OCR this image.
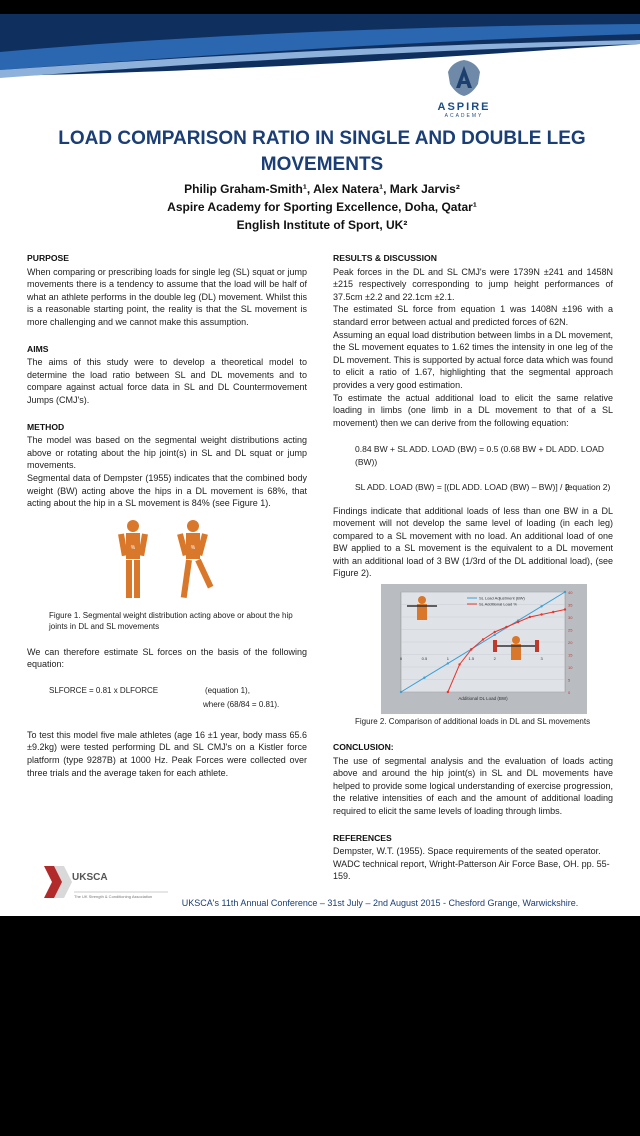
ASPIRE
ACADEMY
LOAD COMPARISON RATIO IN SINGLE AND DOUBLE LEG MOVEMENTS
Philip Graham-Smith¹, Alex Natera¹, Mark Jarvis²
Aspire Academy for Sporting Excellence, Doha, Qatar¹
English Institute of Sport, UK²
PURPOSE

When comparing or prescribing loads for single leg (SL) squat or jump movements there is a tendency to assume that the load will be half of what an athlete performs in the double leg (DL) movement. Whilst this is a reasonable starting point, the reality is that the SL movement is more challenging and we cannot make this assumption.

AIMS

The aims of this study were to develop a theoretical model to determine the load ratio between SL and DL movements and to compare against actual force data in SL and DL Countermovement Jumps (CMJ's).

METHOD

The model was based on the segmental weight distributions acting above or rotating about the hip joint(s) in SL and DL squat or jump movements.

Segmental data of Dempster (1955) indicates that the combined body weight (BW) acting above the hips in a DL movement is 68%, that acting about the hip in a SL movement is 84% (see Figure 1).

%	%
Figure 1. Segmental weight distribution acting above or about the hip joints in DL and SL movements

We can therefore estimate SL forces on the basis of the following equation:

SLFORCE = 0.81 x DLFORCE	(equation 1),
where (68/84 = 0.81).

To test this model five male athletes (age 16 ±1 year, body mass 65.6 ±9.2kg) were tested performing DL and SL CMJ's on a Kistler force platform (type 9287B) at 1000 Hz. Peak Forces were collected over three trials and the average taken for each athlete.

RESULTS & DISCUSSION

Peak forces in the DL and SL CMJ's were 1739N ±241 and 1458N ±215 respectively corresponding to jump height performances of 37.5cm ±2.2 and 22.1cm ±2.1.

The estimated SL force from equation 1 was 1408N ±196 with a standard error between actual and predicted forces of 62N.

Assuming an equal load distribution between limbs in a DL movement, the SL movement equates to 1.62 times the intensity in one leg of the DL movement. This is supported by actual force data which was found to elicit a ratio of 1.67, highlighting that the segmental approach provides a very good estimation.

To estimate the actual additional load to elicit the same relative loading in limbs (one limb in a DL movement to that of a SL movement) then we can derive from the following equation:

0.84 BW + SL ADD. LOAD (BW) = 0.5 (0.68 BW + DL ADD. LOAD (BW))
SL ADD. LOAD (BW) = [(DL ADD. LOAD (BW) – BW)] / 2
(equation 2)

Findings indicate that additional loads of less than one BW in a DL movement will not develop the same level of loading (in each leg) compared to a SL movement with no load. An additional load of one BW applied to a SL movement is the equivalent to a DL movement with an additional load of 3 BW (1/3rd of the DL additional load), (see Figure 2).

0
5
10
15
20
25
30
35
40
0	0.5	1	1.5	2	3
Additional DL Load (BW)
SL Load Adjustment (BW)
SL Additional Load %
Figure 2. Comparison of additional loads in DL and SL movements
CONCLUSION:

The use of segmental analysis and the evaluation of loads acting above and around the hip joint(s) in SL and DL movements have helped to provide some logical understanding of exercise progression, the relative intensities of each and the amount of additional loading required to elicit the same levels of loading through limbs.

REFERENCES

Dempster, W.T. (1955). Space requirements of the seated operator. WADC technical report, Wright-Patterson Air Force Base, OH. pp. 55-159.

UKSCA
The UK Strength & Conditioning Association
UKSCA's 11th Annual Conference – 31st July – 2nd August 2015 - Chesford Grange, Warwickshire.
